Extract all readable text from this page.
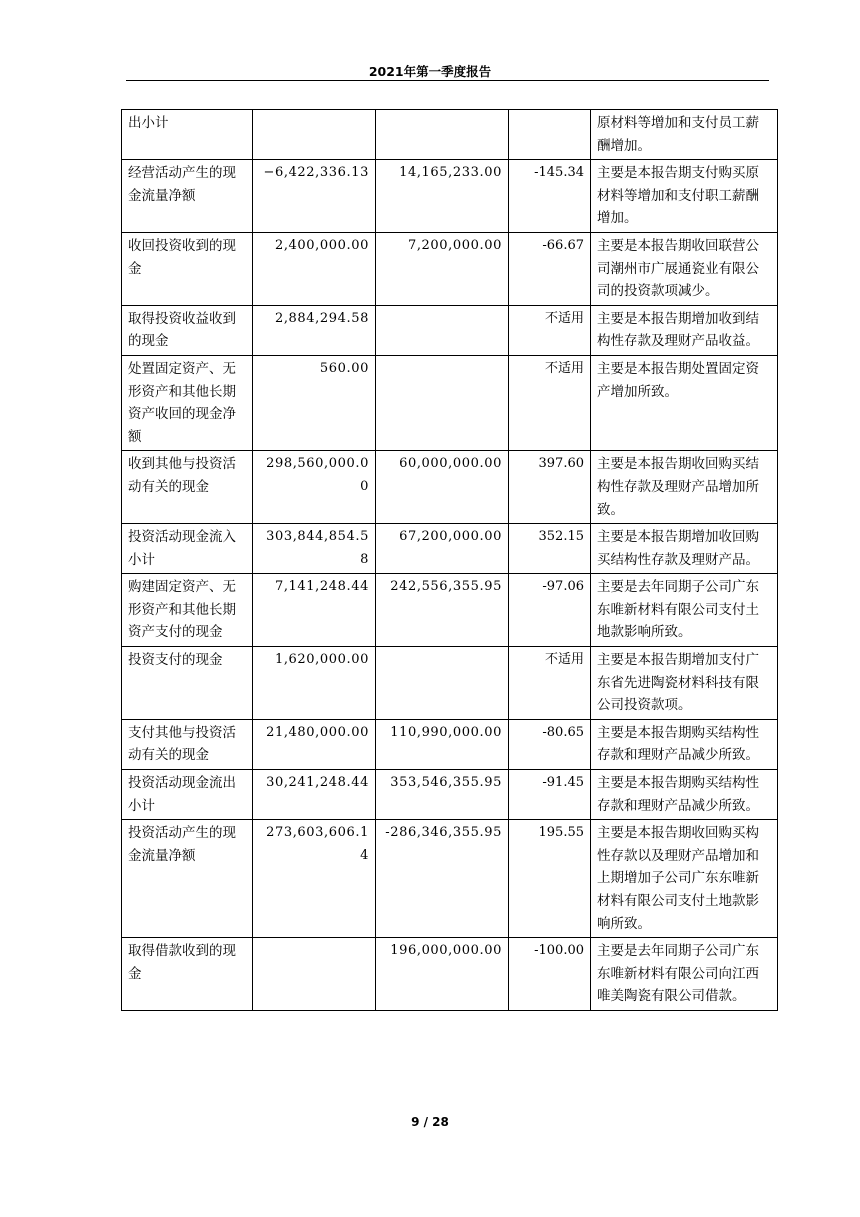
2021年第一季度报告
出小计				原材料等增加和支付员工薪酬增加。
经营活动产生的现金流量净额	−6,422,336.13	14,165,233.00	-145.34	主要是本报告期支付购买原材料等增加和支付职工薪酬增加。
收回投资收到的现金	2,400,000.00	7,200,000.00	-66.67	主要是本报告期收回联营公司潮州市广展通瓷业有限公司的投资款项减少。
取得投资收益收到的现金	2,884,294.58		不适用	主要是本报告期增加收到结构性存款及理财产品收益。
处置固定资产、无形资产和其他长期资产收回的现金净额	560.00		不适用	主要是本报告期处置固定资产增加所致。
收到其他与投资活动有关的现金	298,560,000.00	60,000,000.00	397.60	主要是本报告期收回购买结构性存款及理财产品增加所致。
投资活动现金流入小计	303,844,854.58	67,200,000.00	352.15	主要是本报告期增加收回购买结构性存款及理财产品。
购建固定资产、无形资产和其他长期资产支付的现金	7,141,248.44	242,556,355.95	-97.06	主要是去年同期子公司广东东唯新材料有限公司支付土地款影响所致。
投资支付的现金	1,620,000.00		不适用	主要是本报告期增加支付广东省先进陶瓷材料科技有限公司投资款项。
支付其他与投资活动有关的现金	21,480,000.00	110,990,000.00	-80.65	主要是本报告期购买结构性存款和理财产品减少所致。
投资活动现金流出小计	30,241,248.44	353,546,355.95	-91.45	主要是本报告期购买结构性存款和理财产品减少所致。
投资活动产生的现金流量净额	273,603,606.14	-286,346,355.95	195.55	主要是本报告期收回购买构性存款以及理财产品增加和上期增加子公司广东东唯新材料有限公司支付土地款影响所致。
取得借款收到的现金		196,000,000.00	-100.00	主要是去年同期子公司广东东唯新材料有限公司向江西唯美陶瓷有限公司借款。
9 / 28
